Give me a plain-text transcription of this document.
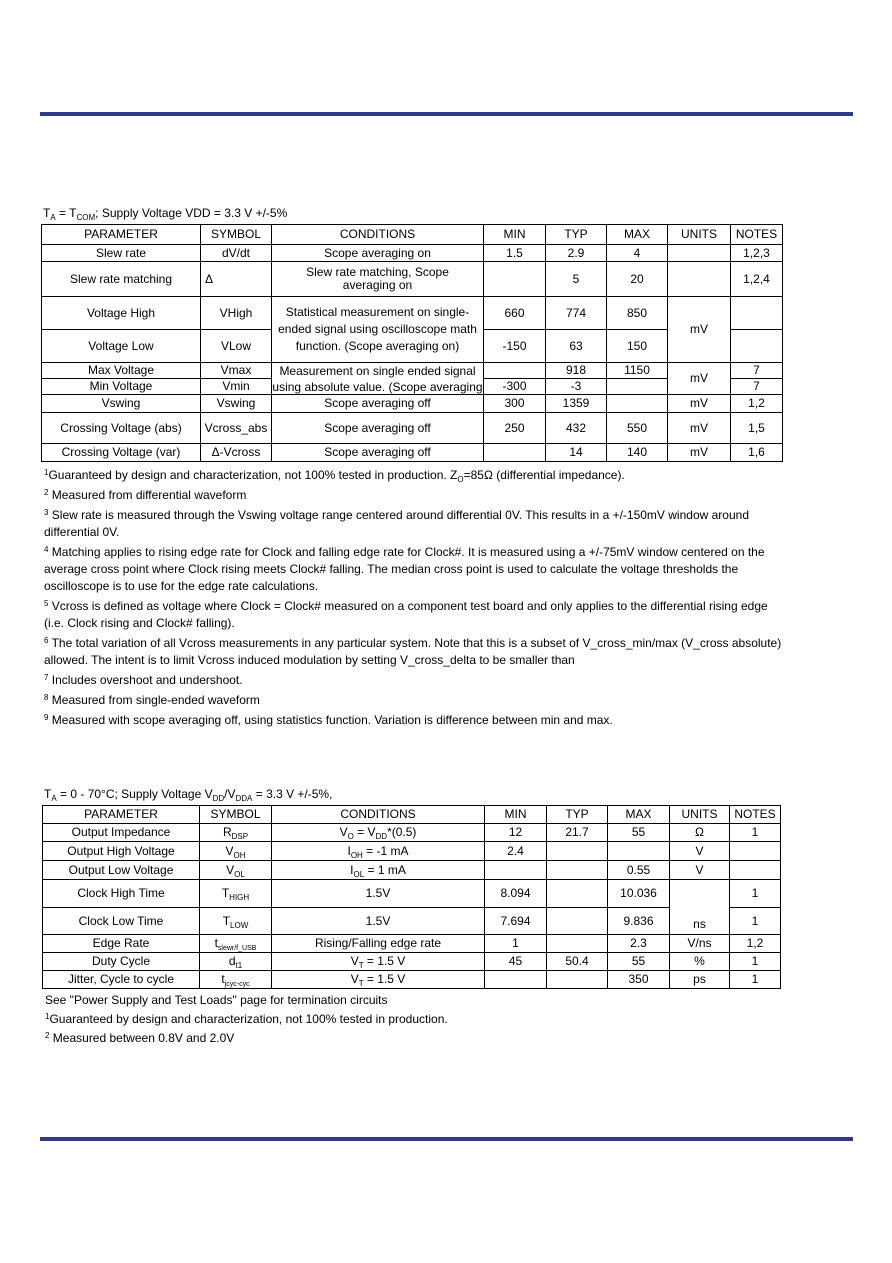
$T_A = T_{COM}$; Supply Voltage VDD = 3.3 V +/-5%
PARAMETER	SYMBOL	CONDITIONS	MIN	TYP	MAX	UNITS	NOTES
Slew rate	dV/dt	Scope averaging on	1.5	2.9	4		1,2,3
Slew rate matching	Δ	Slew rate matching, Scope averaging on		5	20		1,2,4
Voltage High	VHigh	Statistical measurement on single-ended signal using oscilloscope math function. (Scope averaging on)	660	774	850	mV	
Voltage Low	VLow		-150	63	150		
Max Voltage	Vmax	Measurement on single ended signal using absolute value. (Scope averaging		918	1150	mV	7
Min Voltage	Vmin		-300	-3			7
Vswing	Vswing	Scope averaging off	300	1359		mV	1,2
Crossing Voltage (abs)	Vcross_abs	Scope averaging off	250	432	550	mV	1,5
Crossing Voltage (var)	Δ-Vcross	Scope averaging off		14	140	mV	1,6

$^1$Guaranteed by design and characterization, not 100% tested in production. $Z_O=85\Omega$ (differential impedance).

$^2$ Measured from differential waveform

$^3$ Slew rate is measured through the Vswing voltage range centered around differential 0V. This results in a +/-150mV window around differential 0V.

$^4$ Matching applies to rising edge rate for Clock and falling edge rate for Clock#. It is measured using a +/-75mV window centered on the average cross point where Clock rising meets Clock# falling. The median cross point is used to calculate the voltage thresholds the oscilloscope is to use for the edge rate calculations.

$^5$ Vcross is defined as voltage where Clock = Clock# measured on a component test board and only applies to the differential rising edge (i.e. Clock rising and Clock# falling).

$^6$ The total variation of all Vcross measurements in any particular system. Note that this is a subset of V_cross_min/max (V_cross absolute) allowed. The intent is to limit Vcross induced modulation by setting V_cross_delta to be smaller than

$^7$ Includes overshoot and undershoot.

$^8$ Measured from single-ended waveform

$^9$ Measured with scope averaging off, using statistics function. Variation is difference between min and max.

$T_A = 0 - 70^\circ C$; Supply Voltage $V_{DD}/V_{DDA} = 3.3$ V +/-5%,
PARAMETER	SYMBOL	CONDITIONS	MIN	TYP	MAX	UNITS	NOTES
Output Impedance	$R_{DSP}$	$V_O = V_{DD}*(0.5)$	12	21.7	55	Ω	1
Output High Voltage	$V_{OH}$	$I_{OH} = -1$ mA	2.4			V	
Output Low Voltage	$V_{OL}$	$I_{OL} = 1$ mA			0.55	V	
Clock High Time	$T_{HIGH}$	1.5V	8.094		10.036	ns	1
Clock Low Time	$T_{LOW}$	1.5V	7.694		9.836		1
Edge Rate	$t_{slewr/f\_USB}$	Rising/Falling edge rate	1		2.3	V/ns	1,2
Duty Cycle	$d_{t1}$	$V_T = 1.5$ V	45	50.4	55	%	1
Jitter, Cycle to cycle	$t_{jcyc-cyc}$	$V_T = 1.5$ V			350	ps	1

See "Power Supply and Test Loads" page for termination circuits

$^1$Guaranteed by design and characterization, not 100% tested in production.

$^2$ Measured between 0.8V and 2.0V
